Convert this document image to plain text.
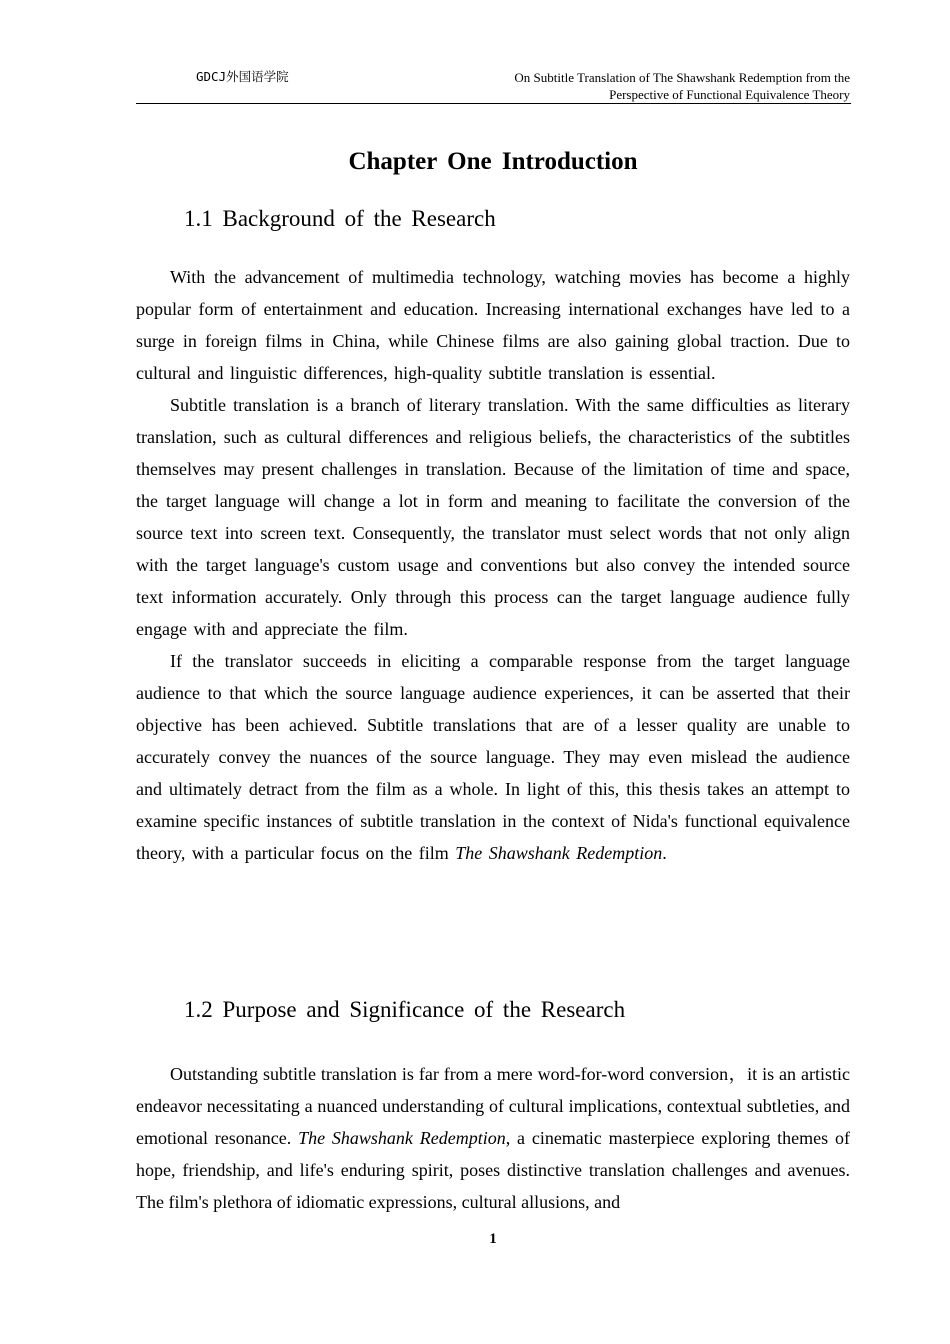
GDCJ外国语学院	On Subtitle Translation of The Shawshank Redemption from the
Perspective of Functional Equivalence Theory
Chapter One Introduction
1.1 Background of the Research

With the advancement of multimedia technology, watching movies has become a highly popular form of entertainment and education. Increasing international exchanges have led to a surge in foreign films in China, while Chinese films are also gaining global traction. Due to cultural and linguistic differences, high-quality subtitle translation is essential.

Subtitle translation is a branch of literary translation. With the same difficulties as literary translation, such as cultural differences and religious beliefs, the characteristics of the subtitles themselves may present challenges in translation. Because of the limitation of time and space, the target language will change a lot in form and meaning to facilitate the conversion of the source text into screen text. Consequently, the translator must select words that not only align with the target language's custom usage and conventions but also convey the intended source text information accurately. Only through this process can the target language audience fully engage with and appreciate the film.

If the translator succeeds in eliciting a comparable response from the target language audience to that which the source language audience experiences, it can be asserted that their objective has been achieved. Subtitle translations that are of a lesser quality are unable to accurately convey the nuances of the source language. They may even mislead the audience and ultimately detract from the film as a whole. In light of this, this thesis takes an attempt to examine specific instances of subtitle translation in the context of Nida's functional equivalence theory, with a particular focus on the film The Shawshank Redemption.

1.2 Purpose and Significance of the Research

Outstanding subtitle translation is far from a mere word-for-word conversion，it is an artistic endeavor necessitating a nuanced understanding of cultural implications, contextual subtleties, and emotional resonance. The Shawshank Redemption, a cinematic masterpiece exploring themes of hope, friendship, and life's enduring spirit, poses distinctive translation challenges and avenues. The film's plethora of idiomatic expressions, cultural allusions, and

1
